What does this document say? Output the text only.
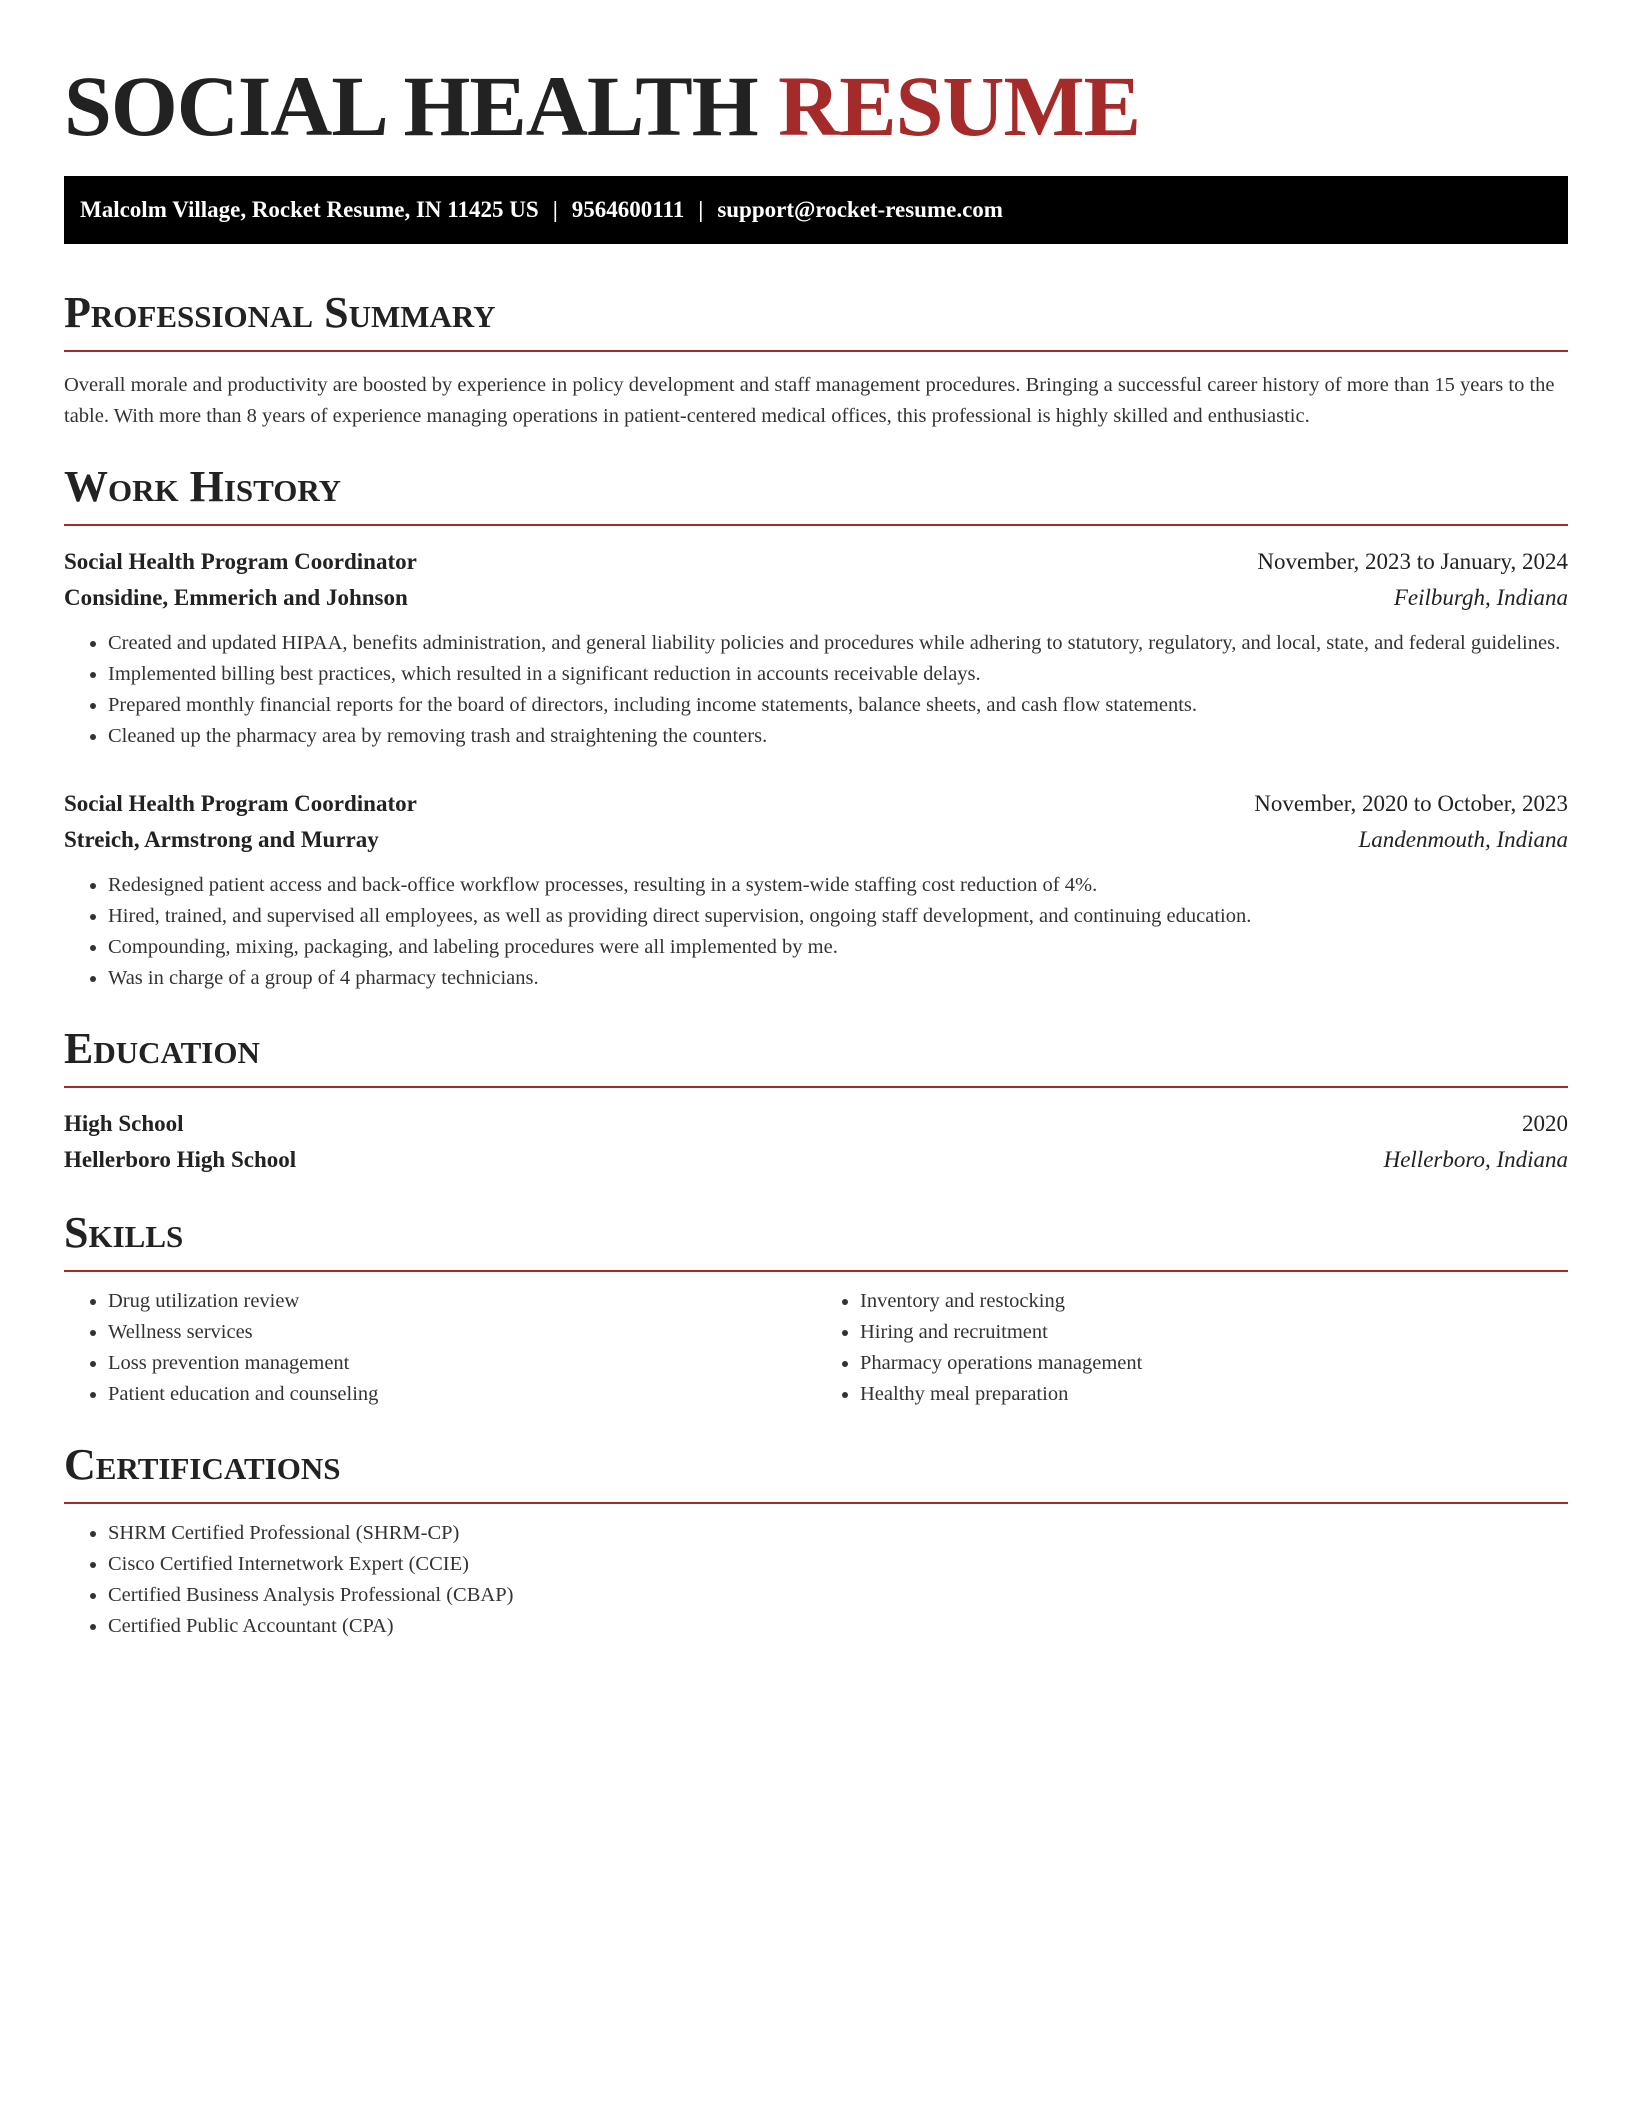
SOCIAL HEALTH RESUME
Malcolm Village, Rocket Resume, IN 11425 US | 9564600111 | support@rocket-resume.com
Professional Summary

Overall morale and productivity are boosted by experience in policy development and staff management procedures. Bringing a successful career history of more than 15 years to the table. With more than 8 years of experience managing operations in patient-centered medical offices, this professional is highly skilled and enthusiastic.

Work History
Social Health Program Coordinator	November, 2023 to January, 2024
Considine, Emmerich and Johnson	Feilburgh, Indiana
• Created and updated HIPAA, benefits administration, and general liability policies and procedures while adhering to statutory, regulatory, and local, state, and federal guidelines.
• Implemented billing best practices, which resulted in a significant reduction in accounts receivable delays.
• Prepared monthly financial reports for the board of directors, including income statements, balance sheets, and cash flow statements.
• Cleaned up the pharmacy area by removing trash and straightening the counters.
Social Health Program Coordinator	November, 2020 to October, 2023
Streich, Armstrong and Murray	Landenmouth, Indiana
• Redesigned patient access and back-office workflow processes, resulting in a system-wide staffing cost reduction of 4%.
• Hired, trained, and supervised all employees, as well as providing direct supervision, ongoing staff development, and continuing education.
• Compounding, mixing, packaging, and labeling procedures were all implemented by me.
• Was in charge of a group of 4 pharmacy technicians.
Education
High School	2020
Hellerboro High School	Hellerboro, Indiana
Skills
• Drug utilization review
• Wellness services
• Loss prevention management
• Patient education and counseling
• Inventory and restocking
• Hiring and recruitment
• Pharmacy operations management
• Healthy meal preparation
Certifications
• SHRM Certified Professional (SHRM-CP)
• Cisco Certified Internetwork Expert (CCIE)
• Certified Business Analysis Professional (CBAP)
• Certified Public Accountant (CPA)
